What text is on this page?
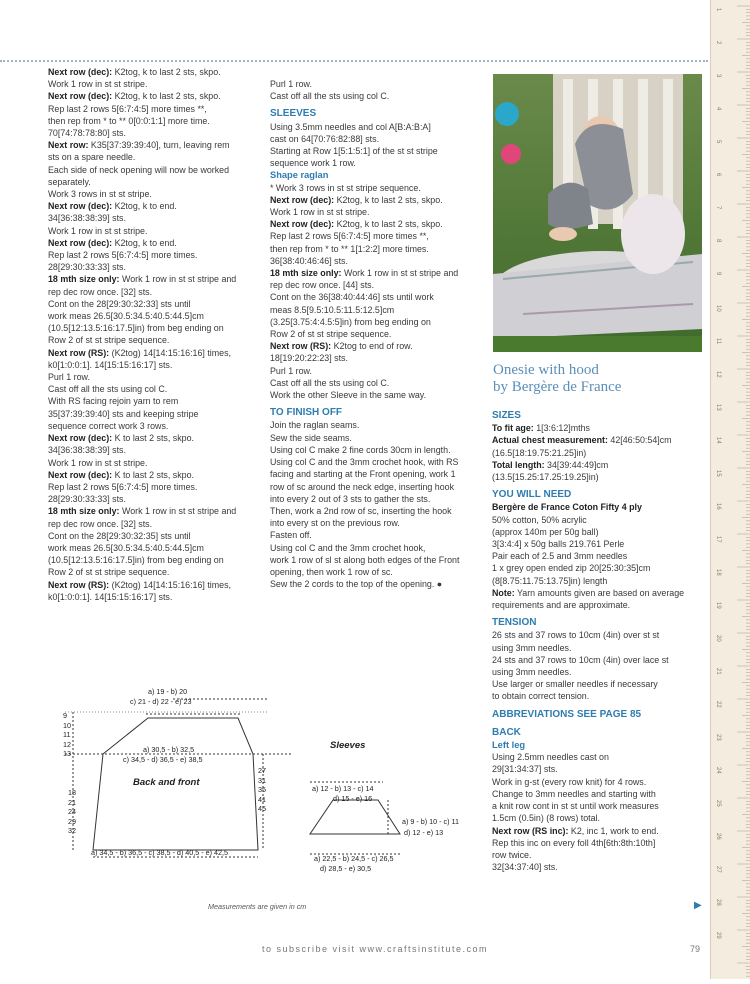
Next row (dec): K2tog, k to last 2 sts, skpo.

Work 1 row in st st stripe.

Next row (dec): K2tog, k to last 2 sts, skpo.

Rep last 2 rows 5[6:7:4:5] more times **,

then rep from * to ** 0[0:0:1:1] more time.

70[74:78:78:80] sts.

Next row: K35[37:39:39:40], turn, leaving rem

sts on a spare needle.

Each side of neck opening will now be worked

separately.

Work 3 rows in st st stripe.

Next row (dec): K2tog, k to end.

34[36:38:38:39] sts.

Work 1 row in st st stripe.

Next row (dec): K2tog, k to end.

Rep last 2 rows 5[6:7:4:5] more times.

28[29:30:33:33] sts.

18 mth size only: Work 1 row in st st stripe and

rep dec row once. [32] sts.

Cont on the 28[29:30:32:33] sts until

work meas 26.5[30.5:34.5:40.5:44.5]cm

(10.5[12:13.5:16:17.5]in) from beg ending on

Row 2 of st st stripe sequence.

Next row (RS): (K2tog) 14[14:15:16:16] times,

k0[1:0:0:1]. 14[15:15:16:17] sts.

Purl 1 row.

Cast off all the sts using col C.

With RS facing rejoin yarn to rem

35[37:39:39:40] sts and keeping stripe

sequence correct work 3 rows.

Next row (dec): K to last 2 sts, skpo.

34[36:38:38:39] sts.

Work 1 row in st st stripe.

Next row (dec): K to last 2 sts, skpo.

Rep last 2 rows 5[6:7:4:5] more times.

28[29:30:33:33] sts.

18 mth size only: Work 1 row in st st stripe and

rep dec row once. [32] sts.

Cont on the 28[29:30:32:35] sts until

work meas 26.5[30.5:34.5:40.5:44.5]cm

(10.5[12:13.5:16:17.5]in) from beg ending on

Row 2 of st st stripe sequence.

Next row (RS): (K2tog) 14[14:15:16:16] times,

k0[1:0:0:1]. 14[15:15:16:17] sts.

Purl 1 row.

Cast off all the sts using col C.

SLEEVES

Using 3.5mm needles and col A[B:A:B:A]

cast on 64[70:76:82:88] sts.

Starting at Row 1[5:1:5:1] of the st st stripe

sequence work 1 row.

Shape raglan

* Work 3 rows in st st stripe sequence.

Next row (dec): K2tog, k to last 2 sts, skpo.

Work 1 row in st st stripe.

Next row (dec): K2tog, k to last 2 sts, skpo.

Rep last 2 rows 5[6:7:4:5] more times **,

then rep from * to ** 1[1:2:2] more times.

36[38:40:46:46] sts.

18 mth size only: Work 1 row in st st stripe and

rep dec row once. [44] sts.

Cont on the 36[38:40:44:46] sts until work

meas 8.5[9.5:10.5:11.5:12.5]cm

(3.25[3.75:4:4.5:5]in) from beg ending on

Row 2 of st st stripe sequence.

Next row (RS): K2tog to end of row.

18[19:20:22:23] sts.

Purl 1 row.

Cast off all the sts using col C.

Work the other Sleeve in the same way.

TO FINISH OFF

Join the raglan seams.

Sew the side seams.

Using col C make 2 fine cords 30cm in length.

Using col C and the 3mm crochet hook, with RS

facing and starting at the Front opening, work 1

row of sc around the neck edge, inserting hook

into every 2 out of 3 sts to gather the sts.

Then, work a 2nd row of sc, inserting the hook

into every st on the previous row.

Fasten off.

Using col C and the 3mm crochet hook,

work 1 row of sl st along both edges of the Front

opening, then work 1 row of sc.

Sew the 2 cords to the top of the opening. ●

Onesie with hood
by Bergère de France

SIZES

To fit age: 1[3:6:12]mths

Actual chest measurement: 42[46:50:54]cm

(16.5[18:19.75:21.25]in)

Total length: 34[39:44:49]cm

(13.5[15.25:17.25:19.25]in)

YOU WILL NEED

Bergère de France Coton Fifty 4 ply

50% cotton, 50% acrylic

(approx 140m per 50g ball)

3[3:4:4] x 50g balls 219.761 Perle

Pair each of 2.5 and 3mm needles

1 x grey open ended zip 20[25:30:35]cm

(8[8.75:11.75:13.75]in) length

Note: Yarn amounts given are based on average

requirements and are approximate.

TENSION

26 sts and 37 rows to 10cm (4in) over st st

using 3mm needles.

24 sts and 37 rows to 10cm (4in) over lace st

using 3mm needles.

Use larger or smaller needles if necessary

to obtain correct tension.

ABBREVIATIONS SEE PAGE 85

BACK

Left leg

Using 2.5mm needles cast on

29[31:34:37] sts.

Work in g-st (every row knit) for 4 rows.

Change to 3mm needles and starting with

a knit row cont in st st until work measures

1.5cm (0.5in) (8 rows) total.

Next row (RS inc): K2, inc 1, work to end.

Rep this inc on every foll 4th[6th:8th:10th]

row twice.

32[34:37:40] sts.

a) 19 - b) 20
c) 21 - d) 22 - e) 23
9
10
11
12
13	a) 30,5 - b) 32,5
c) 34,5 - d) 36,5 - e) 38,5
Back and front
18
21
24
29
32
27
31
35
41
45
a) 34,5 - b) 36,5 - c) 38,5 - d) 40,5 - e) 42,5
Sleeves
a) 12 - b) 13 - c) 14
d) 15 - e) 16
a) 9 - b) 10 - c) 11
d) 12 - e) 13
a) 22,5 - b) 24,5 - c) 26,5
d) 28,5 - e) 30,5
Measurements are given in cm	▶
1
2
3
4
5
6
7
8
9
10
11
12
13
14
15
16
17
18
19
20
21
22
23
24
25
26
27
28
29
to subscribe visit www.craftsinstitute.com	79
